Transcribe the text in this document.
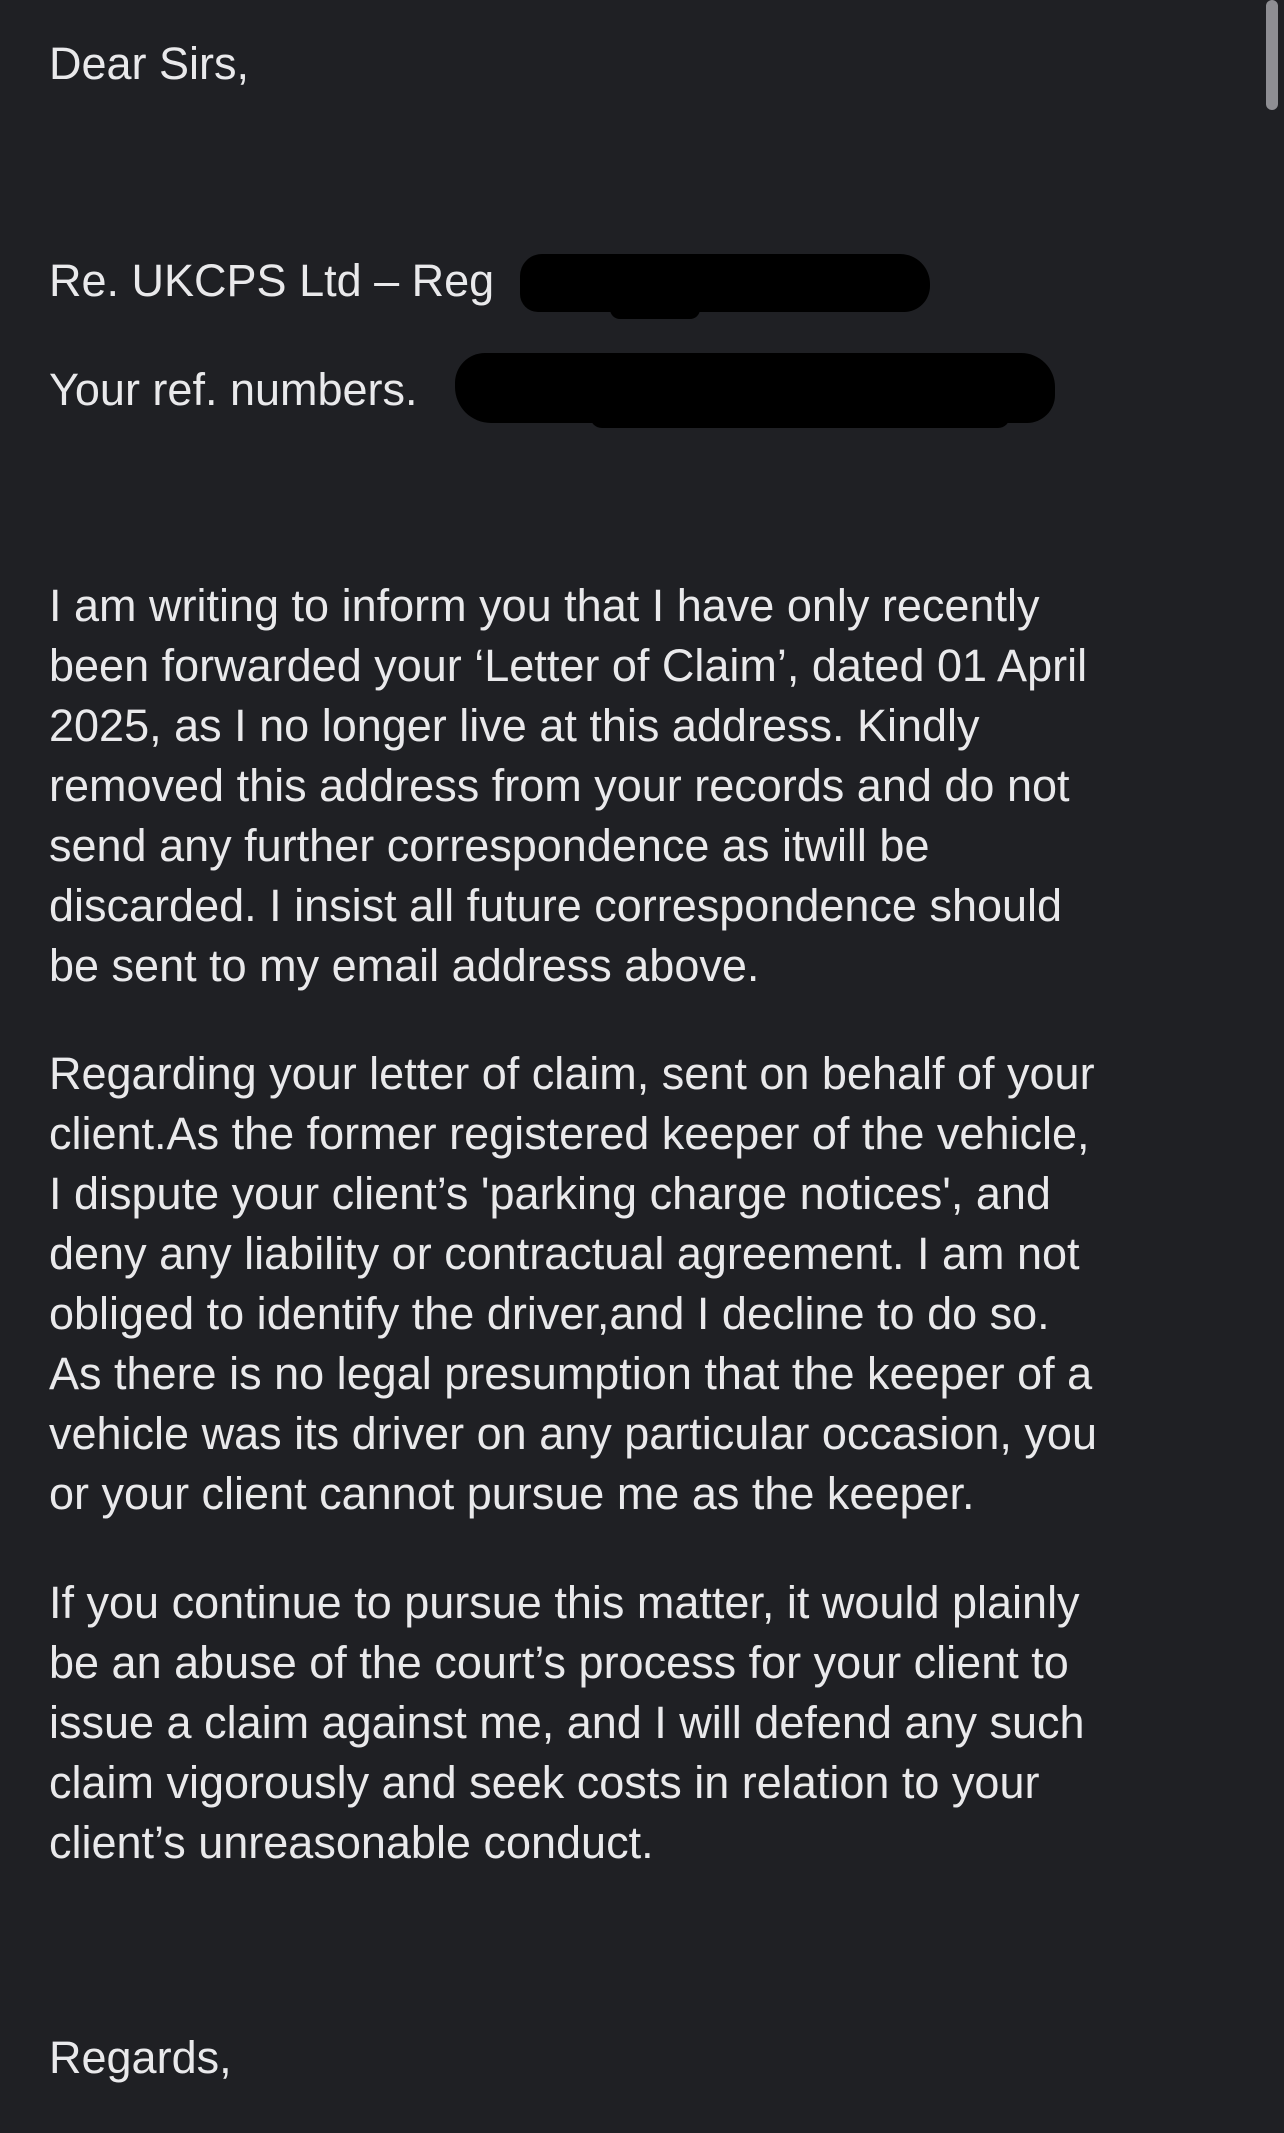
Dear Sirs,

Re. UKCPS Ltd – Reg

Your ref. numbers.

I am writing to inform you that I have only recently
been forwarded your ‘Letter of Claim’, dated 01 April
2025, as I no longer live at this address. Kindly
removed this address from your records and do not
send any further correspondence as itwill be
discarded. I insist all future correspondence should
be sent to my email address above.
Regarding your letter of claim, sent on behalf of your
client.As the former registered keeper of the vehicle,
I dispute your client’s 'parking charge notices', and
deny any liability or contractual agreement. I am not
obliged to identify the driver,and I decline to do so.
As there is no legal presumption that the keeper of a
vehicle was its driver on any particular occasion, you
or your client cannot pursue me as the keeper.
If you continue to pursue this matter, it would plainly
be an abuse of the court’s process for your client to
issue a claim against me, and I will defend any such
claim vigorously and seek costs in relation to your
client’s unreasonable conduct.

Regards,
